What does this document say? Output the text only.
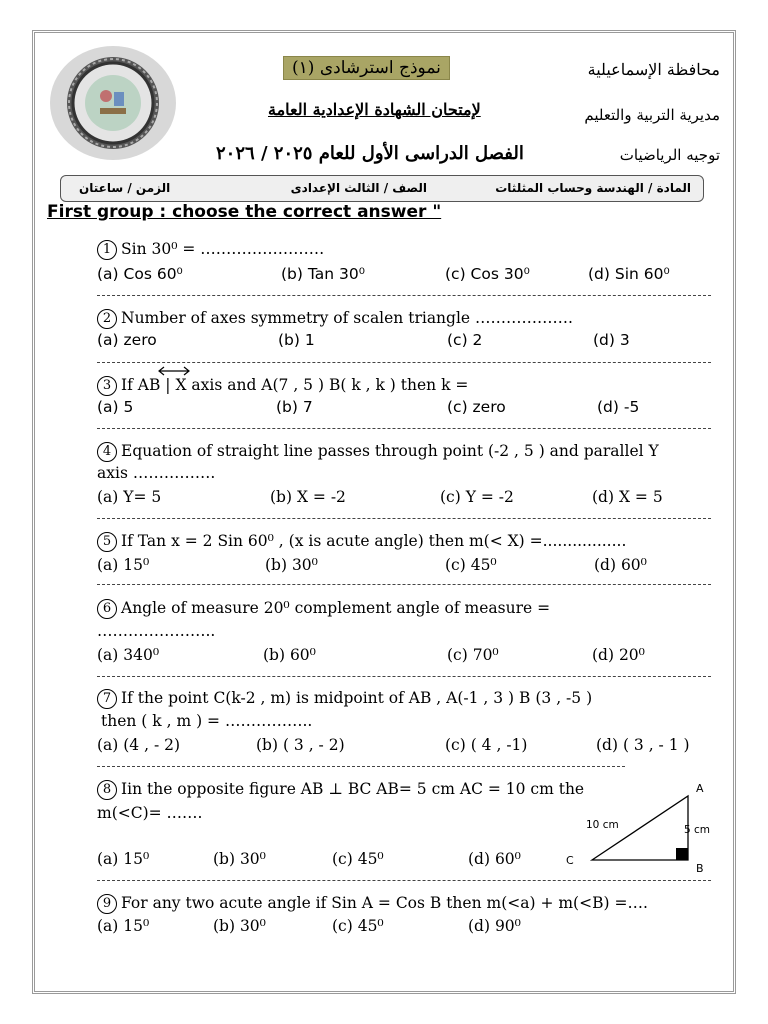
محافظة الإسماعيلية
مديرية التربية والتعليم
توجيه الرياضيات
نموذج استرشادى (١)
لإمتحان الشهادة الإعدادية العامة
الفصل الدراسى الأول للعام ٢٠٢٥ / ٢٠٢٦
المادة / الهندسة وحساب المثلثات
الصف / الثالث الإعدادى
الزمن / ساعتان
First group : choose the correct answer "
1 Sin 30⁰ = ……………………
(a) Cos 60⁰	(b) Tan 30⁰	(c) Cos 30⁰	(d) Sin 60⁰
2 Number of axes symmetry of scalen triangle ……………….
(a) zero	(b) 1	(c) 2	(d) 3
3 If AB | X axis and A(7 , 5 ) B( k , k ) then k =
(a) 5	(b) 7	(c) zero	(d) -5
4 Equation of straight line passes through point (-2 , 5 ) and parallel Y
axis …………….
(a) Y= 5	(b) X = -2	(c) Y = -2	(d) X = 5
5 If Tan x = 2 Sin 60⁰ , (x is acute angle) then m(< X) =.................
(a) 15⁰	(b) 30⁰	(c) 45⁰	(d) 60⁰
6 Angle of measure 20⁰ complement angle of measure =
…………………..
(a) 340⁰	(b) 60⁰	(c) 70⁰	(d) 20⁰
7 If the point C(k-2 , m) is midpoint of AB , A(-1 , 3 ) B (3 , -5 )
then ( k , m ) = ……………..
(a) (4 , - 2)	(b) ( 3 , - 2)	(c) ( 4 , -1)	(d) ( 3 , - 1 )
8 Iin the opposite figure AB ⊥ BC AB= 5 cm AC = 10 cm the
m(<C)= …….
(a) 15⁰	(b) 30⁰	(c) 45⁰	(d) 60⁰
A
B
C
10 cm	5 cm
9 For any two acute angle if Sin A = Cos B then m(<a) + m(<B) =….
(a) 15⁰	(b) 30⁰	(c) 45⁰	(d) 90⁰
